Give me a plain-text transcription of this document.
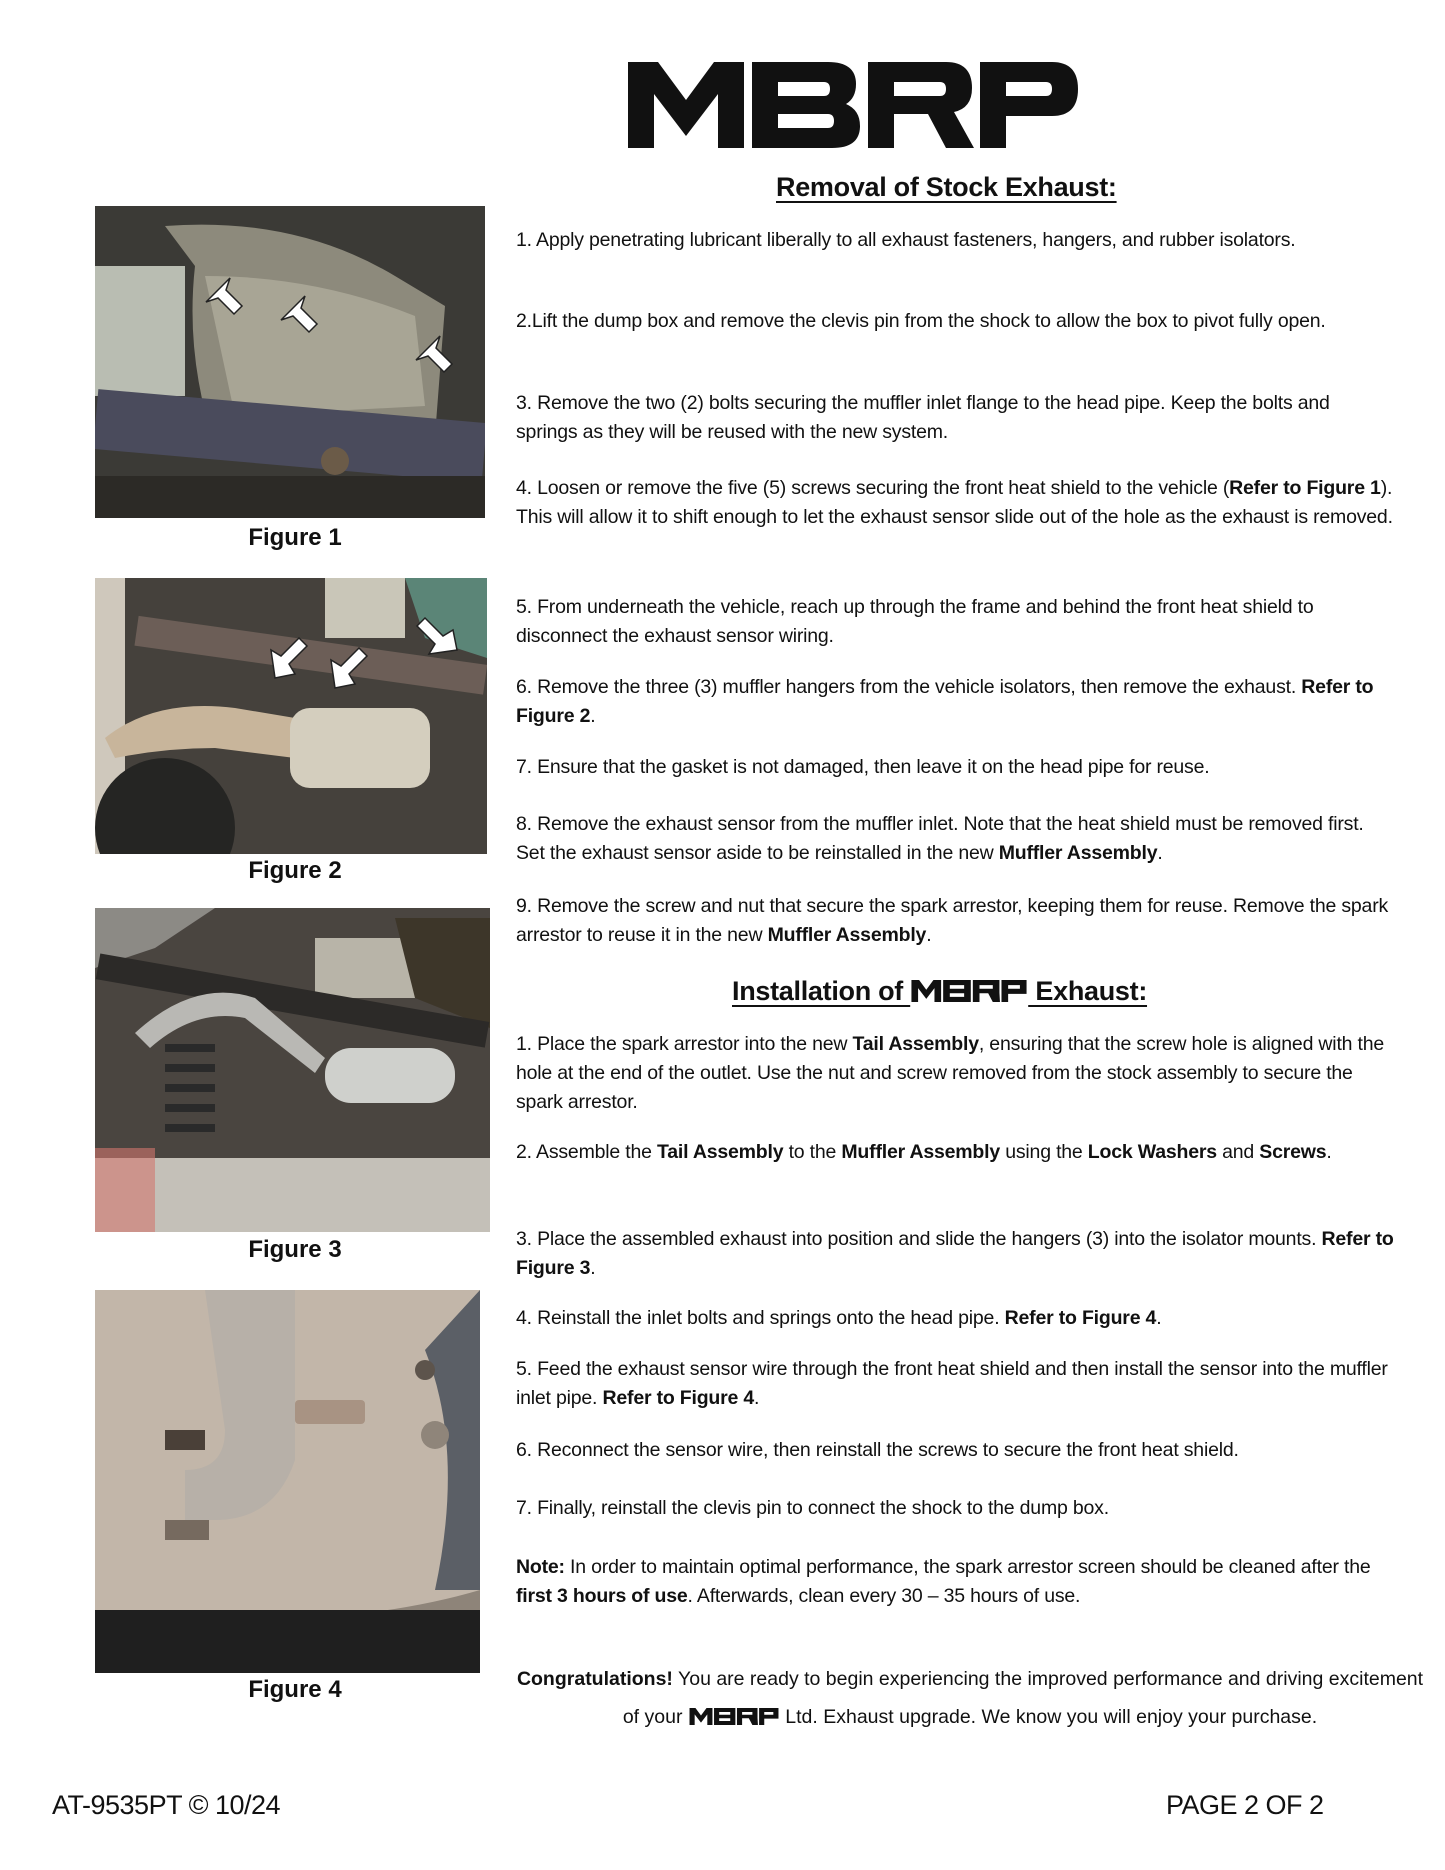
Removal of Stock Exhaust:
1. Apply penetrating lubricant liberally to all exhaust fasteners, hangers, and rubber isolators.
2.Lift the dump box and remove the clevis pin from the shock to allow the box to pivot fully open.
3. Remove the two (2) bolts securing the muffler inlet flange to the head pipe. Keep the bolts and springs as they will be reused with the new system.
4. Loosen or remove the five (5) screws securing the front heat shield to the vehicle (Refer to Figure 1). This will allow it to shift enough to let the exhaust sensor slide out of the hole as the exhaust is removed.
5. From underneath the vehicle, reach up through the frame and behind the front heat shield to disconnect the exhaust sensor wiring.
6. Remove the three (3) muffler hangers from the vehicle isolators, then remove the exhaust. Refer to Figure 2.
7. Ensure that the gasket is not damaged, then leave it on the head pipe for reuse.
8. Remove the exhaust sensor from the muffler inlet. Note that the heat shield must be removed first. Set the exhaust sensor aside to be reinstalled in the new Muffler Assembly.
9. Remove the screw and nut that secure the spark arrestor, keeping them for reuse. Remove the spark arrestor to reuse it in the new Muffler Assembly.
Installation of	Exhaust:
1. Place the spark arrestor into the new Tail Assembly, ensuring that the screw hole is aligned with the hole at the end of the outlet. Use the nut and screw removed from the stock assembly to secure the spark arrestor.
2. Assemble the Tail Assembly to the Muffler Assembly using the Lock Washers and Screws.
3. Place the assembled exhaust into position and slide the hangers (3) into the isolator mounts. Refer to Figure 3.
4. Reinstall the inlet bolts and springs onto the head pipe. Refer to Figure 4.
5. Feed the exhaust sensor wire through the front heat shield and then install the sensor into the muffler inlet pipe. Refer to Figure 4.
6. Reconnect the sensor wire, then reinstall the screws to secure the front heat shield.
7. Finally, reinstall the clevis pin to connect the shock to the dump box.
Note: In order to maintain optimal performance, the spark arrestor screen should be cleaned after the first 3 hours of use. Afterwards, clean every 30 – 35 hours of use.
Congratulations! You are ready to begin experiencing the improved performance and driving excitement of your	Ltd. Exhaust upgrade. We know you will enjoy your purchase.
Figure 1
Figure 2
Figure 3
Figure 4
AT-9535PT © 10/24	PAGE 2 OF 2
